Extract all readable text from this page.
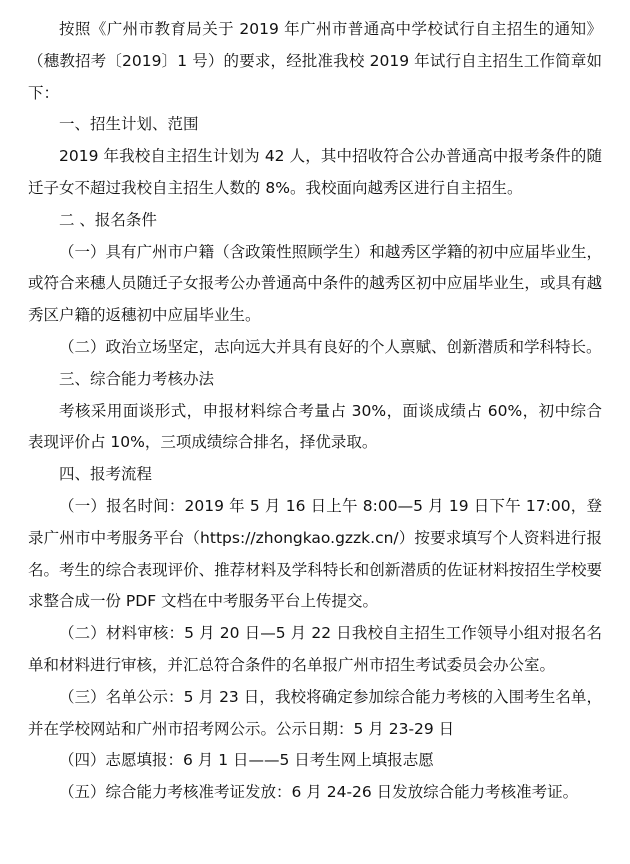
按照《广州市教育局关于 2019 年广州市普通高中学校试行自主招生的通知》（穗教招考〔2019〕1 号）的要求，经批准我校 2019 年试行自主招生工作简章如下：

一、招生计划、范围

2019 年我校自主招生计划为 42 人，其中招收符合公办普通高中报考条件的随迁子女不超过我校自主招生人数的 8%。我校面向越秀区进行自主招生。

二 、报名条件

（一）具有广州市户籍（含政策性照顾学生）和越秀区学籍的初中应届毕业生，或符合来穗人员随迁子女报考公办普通高中条件的越秀区初中应届毕业生，或具有越秀区户籍的返穗初中应届毕业生。

（二）政治立场坚定，志向远大并具有良好的个人禀赋、创新潜质和学科特长。

三、综合能力考核办法

考核采用面谈形式，申报材料综合考量占 30%，面谈成绩占 60%，初中综合表现评价占 10%，三项成绩综合排名，择优录取。

四、报考流程

（一）报名时间：2019 年 5 月 16 日上午 8:00—5 月 19 日下午 17:00，登录广州市中考服务平台（https://zhongkao.gzzk.cn/）按要求填写个人资料进行报名。考生的综合表现评价、推荐材料及学科特长和创新潜质的佐证材料按招生学校要求整合成一份 PDF 文档在中考服务平台上传提交。

（二）材料审核：5 月 20 日—5 月 22 日我校自主招生工作领导小组对报名名单和材料进行审核，并汇总符合条件的名单报广州市招生考试委员会办公室。

（三）名单公示：5 月 23 日，我校将确定参加综合能力考核的入围考生名单，并在学校网站和广州市招考网公示。公示日期：5 月 23-29 日

（四）志愿填报：6 月 1 日——5 日考生网上填报志愿

（五）综合能力考核准考证发放：6 月 24-26 日发放综合能力考核准考证。
